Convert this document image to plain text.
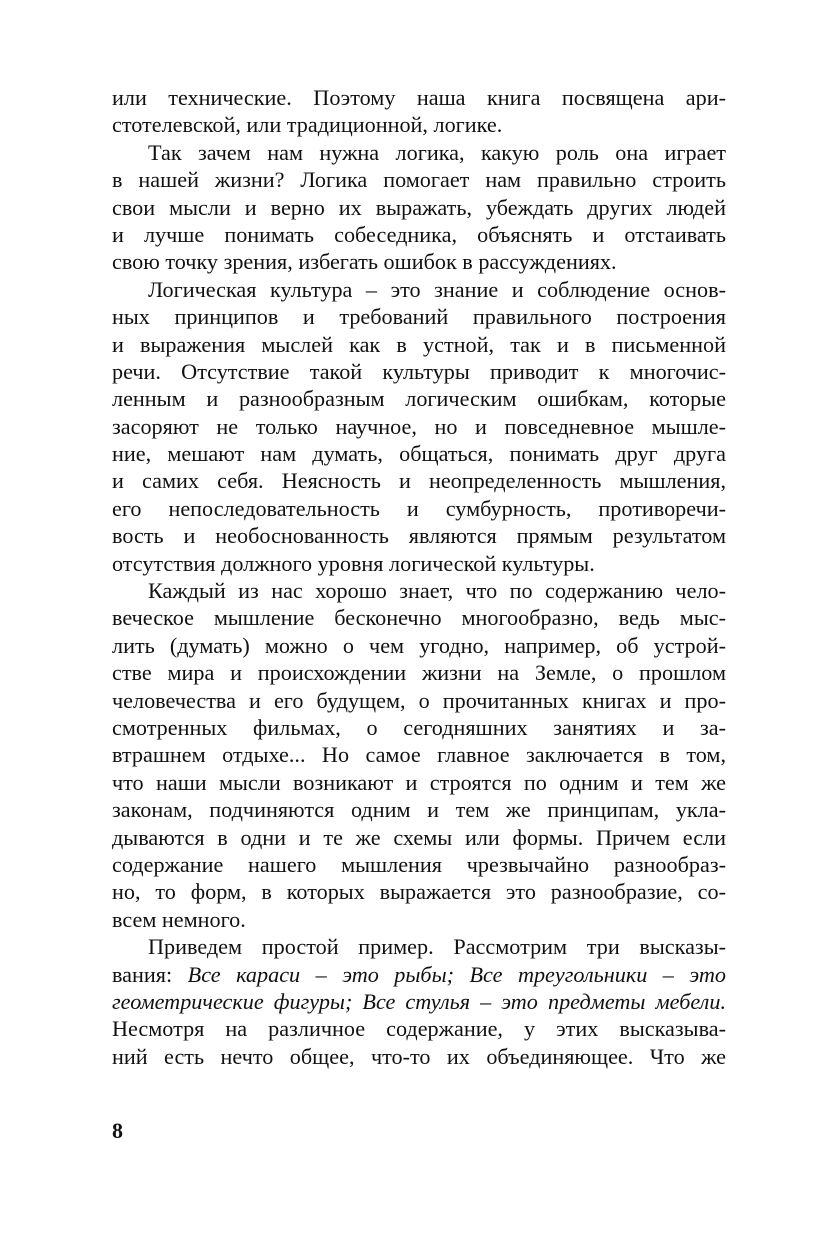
или технические. Поэтому наша книга посвящена ари-
стотелевской, или традиционной, логике.
Так зачем нам нужна логика, какую роль она играет
в нашей жизни? Логика помогает нам правильно строить
свои мысли и верно их выражать, убеждать других людей
и лучше понимать собеседника, объяснять и отстаивать
свою точку зрения, избегать ошибок в рассуждениях.
Логическая культура – это знание и соблюдение основ-
ных принципов и требований правильного построения
и выражения мыслей как в устной, так и в письменной
речи. Отсутствие такой культуры приводит к многочис-
ленным и разнообразным логическим ошибкам, которые
засоряют не только научное, но и повседневное мышле-
ние, мешают нам думать, общаться, понимать друг друга
и самих себя. Неясность и неопределенность мышления,
его непоследовательность и сумбурность, противоречи-
вость и необоснованность являются прямым результатом
отсутствия должного уровня логической культуры.
Каждый из нас хорошо знает, что по содержанию чело-
веческое мышление бесконечно многообразно, ведь мыс-
лить (думать) можно о чем угодно, например, об устрой-
стве мира и происхождении жизни на Земле, о прошлом
человечества и его будущем, о прочитанных книгах и про-
смотренных фильмах, о сегодняшних занятиях и за-
втрашнем отдыхе... Но самое главное заключается в том,
что наши мысли возникают и строятся по одним и тем же
законам, подчиняются одним и тем же принципам, укла-
дываются в одни и те же схемы или формы. Причем если
содержание нашего мышления чрезвычайно разнообраз-
но, то форм, в которых выражается это разнообразие, со-
всем немного.
Приведем простой пример. Рассмотрим три высказы-
вания: Все караси – это рыбы; Все треугольники – это
геометрические фигуры; Все стулья – это предметы мебели.
Несмотря на различное содержание, у этих высказыва-
ний есть нечто общее, что-то их объединяющее. Что же
8
